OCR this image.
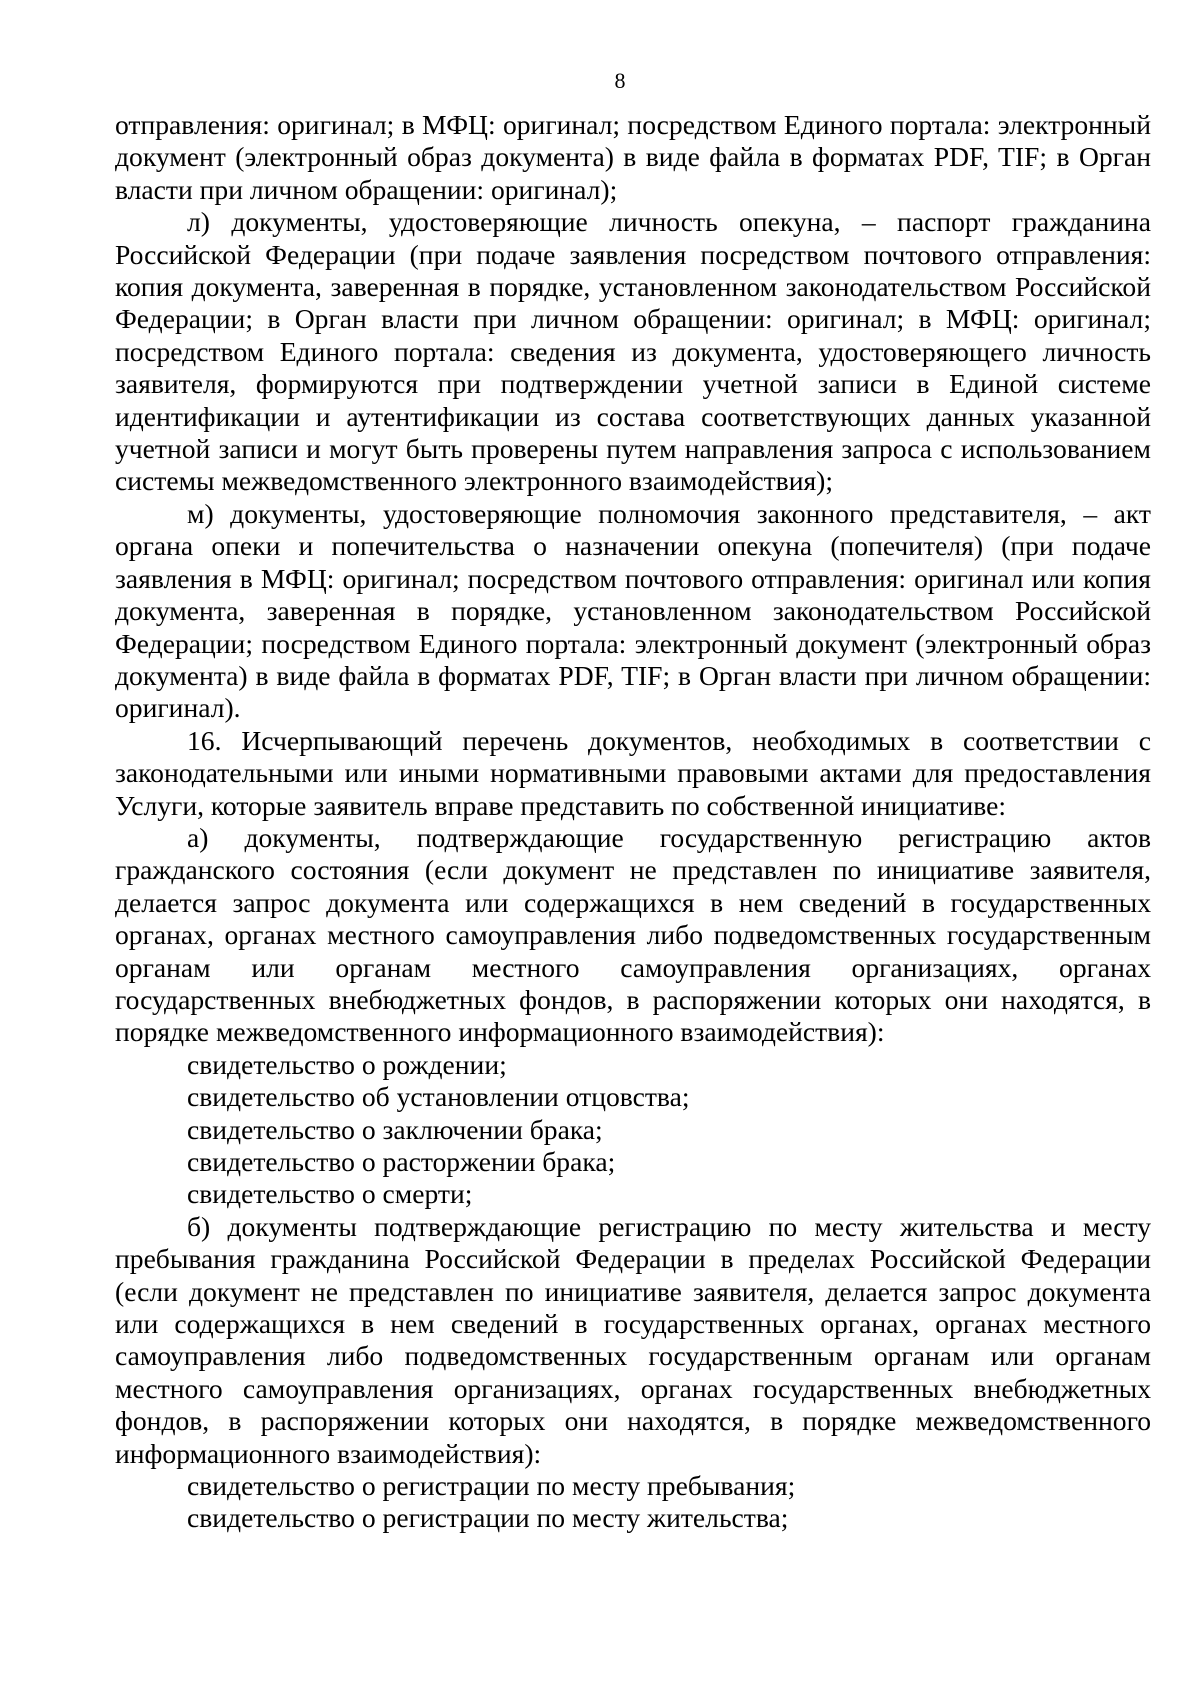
8

отправления: оригинал; в МФЦ: оригинал; посредством Единого портала: электронный документ (электронный образ документа) в виде файла в форматах PDF, TIF; в Орган власти при личном обращении: оригинал);

л) документы, удостоверяющие личность опекуна, – паспорт гражданина Российской Федерации (при подаче заявления посредством почтового отправления: копия документа, заверенная в порядке, установленном законодательством Российской Федерации; в Орган власти при личном обращении: оригинал; в МФЦ: оригинал; посредством Единого портала: сведения из документа, удостоверяющего личность заявителя, формируются при подтверждении учетной записи в Единой системе идентификации и аутентификации из состава соответствующих данных указанной учетной записи и могут быть проверены путем направления запроса с использованием системы межведомственного электронного взаимодействия);

м) документы, удостоверяющие полномочия законного представителя, – акт органа опеки и попечительства о назначении опекуна (попечителя) (при подаче заявления в МФЦ: оригинал; посредством почтового отправления: оригинал или копия документа, заверенная в порядке, установленном законодательством Российской Федерации; посредством Единого портала: электронный документ (электронный образ документа) в виде файла в форматах PDF, TIF; в Орган власти при личном обращении: оригинал).

16. Исчерпывающий перечень документов, необходимых в соответствии с законодательными или иными нормативными правовыми актами для предоставления Услуги, которые заявитель вправе представить по собственной инициативе:

а) документы, подтверждающие государственную регистрацию актов гражданского состояния (если документ не представлен по инициативе заявителя, делается запрос документа или содержащихся в нем сведений в государственных органах, органах местного самоуправления либо подведомственных государственным органам или органам местного самоуправления организациях, органах государственных внебюджетных фондов, в распоряжении которых они находятся, в порядке межведомственного информационного взаимодействия):

свидетельство о рождении;

свидетельство об установлении отцовства;

свидетельство о заключении брака;

свидетельство о расторжении брака;

свидетельство о смерти;

б) документы подтверждающие регистрацию по месту жительства и месту пребывания гражданина Российской Федерации в пределах Российской Федерации (если документ не представлен по инициативе заявителя, делается запрос документа или содержащихся в нем сведений в государственных органах, органах местного самоуправления либо подведомственных государственным органам или органам местного самоуправления организациях, органах государственных внебюджетных фондов, в распоряжении которых они находятся, в порядке межведомственного информационного взаимодействия):

свидетельство о регистрации по месту пребывания;

свидетельство о регистрации по месту жительства;
